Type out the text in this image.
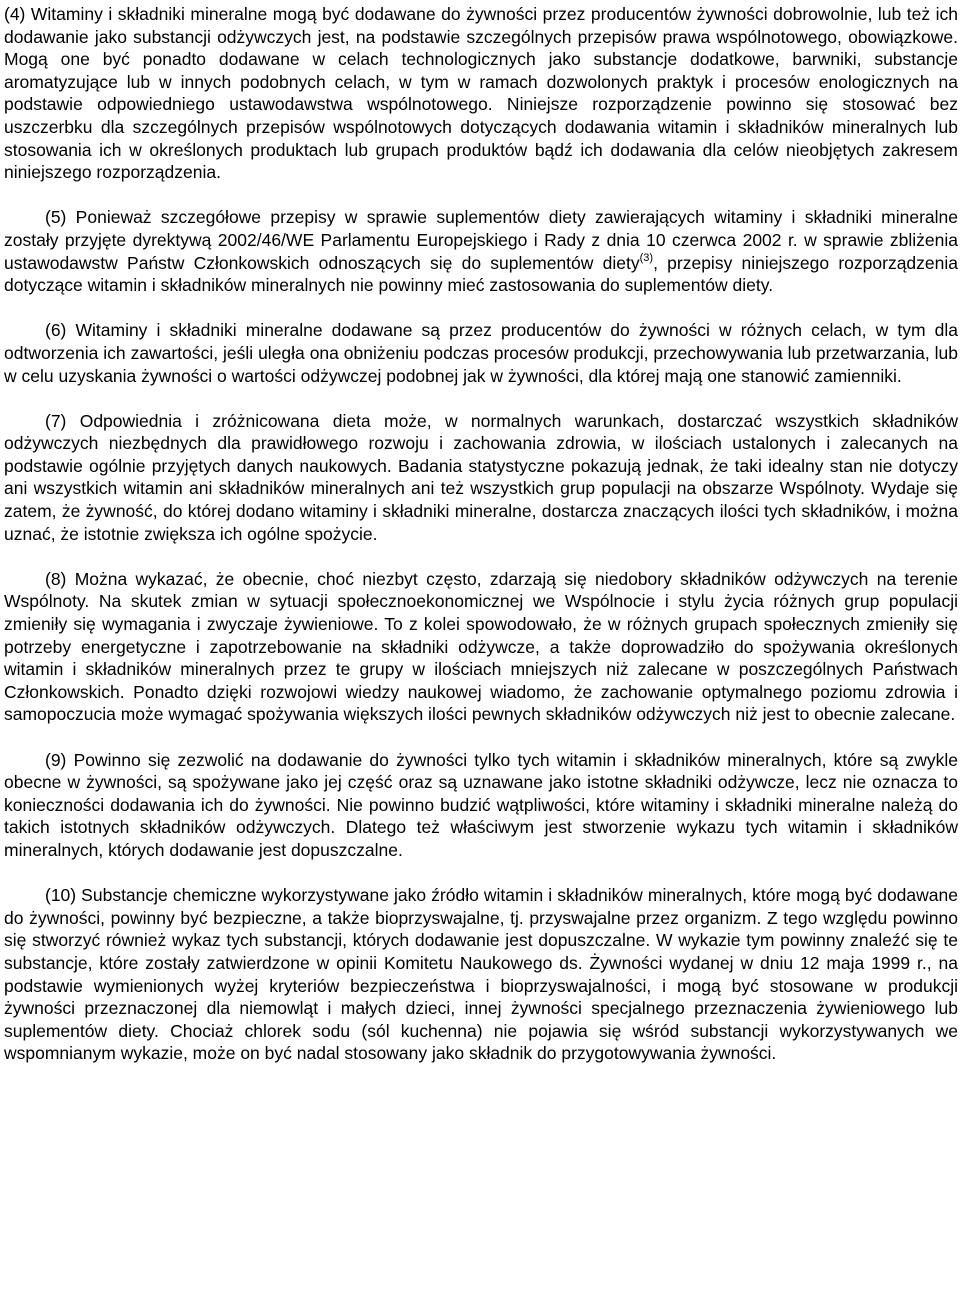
(4) Witaminy i składniki mineralne mogą być dodawane do żywności przez producentów żywności dobrowolnie, lub też ich dodawanie jako substancji odżywczych jest, na podstawie szczególnych przepisów prawa wspólnotowego, obowiązkowe. Mogą one być ponadto dodawane w celach technologicznych jako substancje dodatkowe, barwniki, substancje aromatyzujące lub w innych podobnych celach, w tym w ramach dozwolonych praktyk i procesów enologicznych na podstawie odpowiedniego ustawodawstwa wspólnotowego. Niniejsze rozporządzenie powinno się stosować bez uszczerbku dla szczególnych przepisów wspólnotowych dotyczących dodawania witamin i składników mineralnych lub stosowania ich w określonych produktach lub grupach produktów bądź ich dodawania dla celów nieobjętych zakresem niniejszego rozporządzenia.

(5) Ponieważ szczegółowe przepisy w sprawie suplementów diety zawierających witaminy i składniki mineralne zostały przyjęte dyrektywą 2002/46/WE Parlamentu Europejskiego i Rady z dnia 10 czerwca 2002 r. w sprawie zbliżenia ustawodawstw Państw Członkowskich odnoszących się do suplementów diety$^{(3)}$, przepisy niniejszego rozporządzenia dotyczące witamin i składników mineralnych nie powinny mieć zastosowania do suplementów diety.

(6) Witaminy i składniki mineralne dodawane są przez producentów do żywności w różnych celach, w tym dla odtworzenia ich zawartości, jeśli uległa ona obniżeniu podczas procesów produkcji, przechowywania lub przetwarzania, lub w celu uzyskania żywności o wartości odżywczej podobnej jak w żywności, dla której mają one stanowić zamienniki.

(7) Odpowiednia i zróżnicowana dieta może, w normalnych warunkach, dostarczać wszystkich składników odżywczych niezbędnych dla prawidłowego rozwoju i zachowania zdrowia, w ilościach ustalonych i zalecanych na podstawie ogólnie przyjętych danych naukowych. Badania statystyczne pokazują jednak, że taki idealny stan nie dotyczy ani wszystkich witamin ani składników mineralnych ani też wszystkich grup populacji na obszarze Wspólnoty. Wydaje się zatem, że żywność, do której dodano witaminy i składniki mineralne, dostarcza znaczących ilości tych składników, i można uznać, że istotnie zwiększa ich ogólne spożycie.

(8) Można wykazać, że obecnie, choć niezbyt często, zdarzają się niedobory składników odżywczych na terenie Wspólnoty. Na skutek zmian w sytuacji społecznoekonomicznej we Wspólnocie i stylu życia różnych grup populacji zmieniły się wymagania i zwyczaje żywieniowe. To z kolei spowodowało, że w różnych grupach społecznych zmieniły się potrzeby energetyczne i zapotrzebowanie na składniki odżywcze, a także doprowadziło do spożywania określonych witamin i składników mineralnych przez te grupy w ilościach mniejszych niż zalecane w poszczególnych Państwach Członkowskich. Ponadto dzięki rozwojowi wiedzy naukowej wiadomo, że zachowanie optymalnego poziomu zdrowia i samopoczucia może wymagać spożywania większych ilości pewnych składników odżywczych niż jest to obecnie zalecane.

(9) Powinno się zezwolić na dodawanie do żywności tylko tych witamin i składników mineralnych, które są zwykle obecne w żywności, są spożywane jako jej część oraz są uznawane jako istotne składniki odżywcze, lecz nie oznacza to konieczności dodawania ich do żywności. Nie powinno budzić wątpliwości, które witaminy i składniki mineralne należą do takich istotnych składników odżywczych. Dlatego też właściwym jest stworzenie wykazu tych witamin i składników mineralnych, których dodawanie jest dopuszczalne.

(10) Substancje chemiczne wykorzystywane jako źródło witamin i składników mineralnych, które mogą być dodawane do żywności, powinny być bezpieczne, a także bioprzyswajalne, tj. przyswajalne przez organizm. Z tego względu powinno się stworzyć również wykaz tych substancji, których dodawanie jest dopuszczalne. W wykazie tym powinny znaleźć się te substancje, które zostały zatwierdzone w opinii Komitetu Naukowego ds. Żywności wydanej w dniu 12 maja 1999 r., na podstawie wymienionych wyżej kryteriów bezpieczeństwa i bioprzyswajalności, i mogą być stosowane w produkcji żywności przeznaczonej dla niemowląt i małych dzieci, innej żywności specjalnego przeznaczenia żywieniowego lub suplementów diety. Chociaż chlorek sodu (sól kuchenna) nie pojawia się wśród substancji wykorzystywanych we wspomnianym wykazie, może on być nadal stosowany jako składnik do przygotowywania żywności.
